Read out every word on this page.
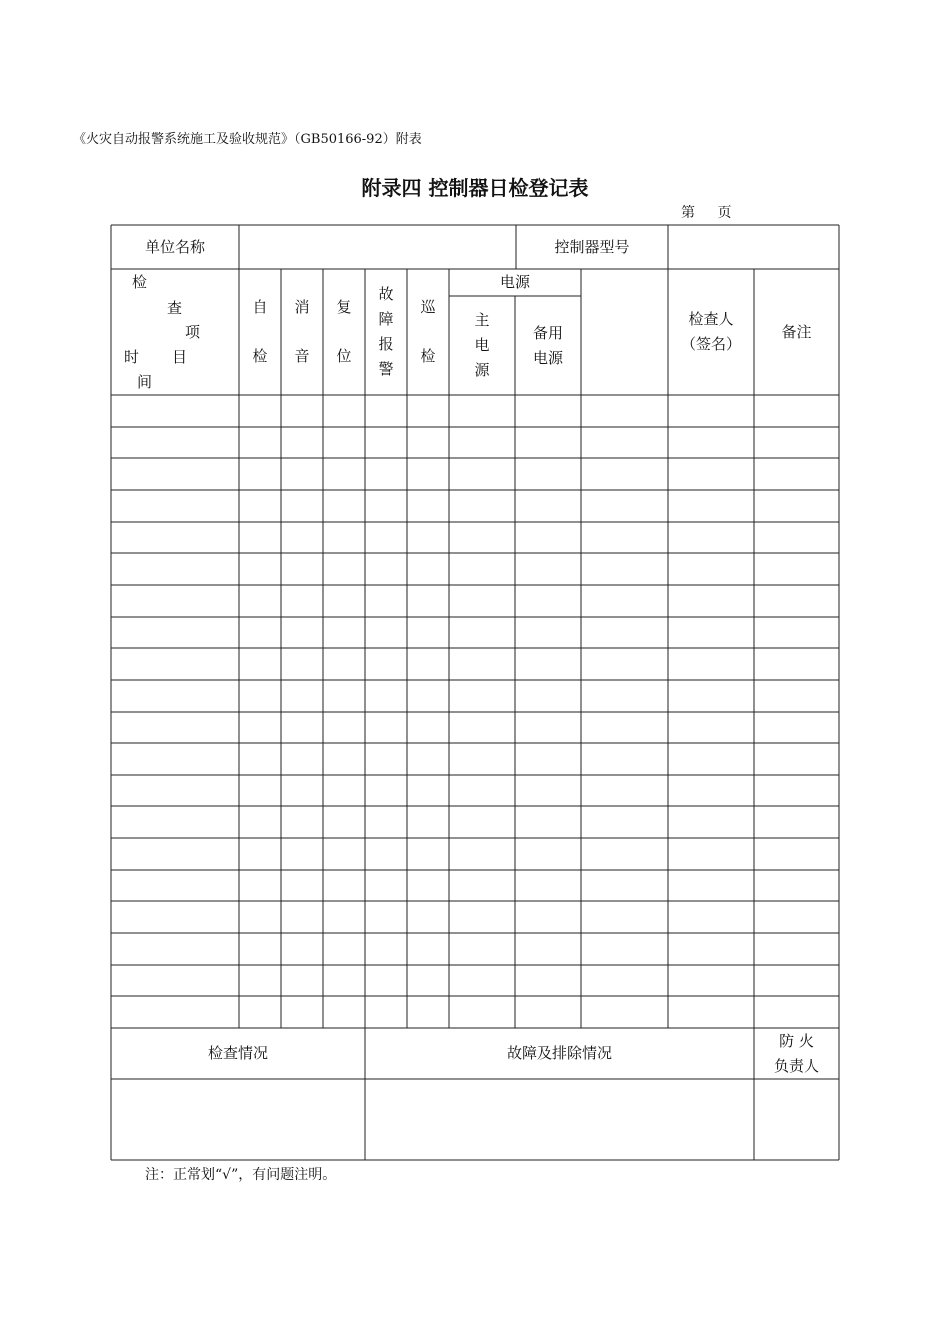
《火灾自动报警系统施工及验收规范》（GB50166-92）附表
附录四 控制器日检登记表
第 页
单位名称	控制器型号
检
查
项
目
时
间
自
检
消
音
复
位
故
障
报
警
巡
检
电源
主
电
源
备用
电源
检查人
（签名）
备注
检查情况	故障及排除情况
防 火
负责人
注：正常划“√”，有问题注明。
